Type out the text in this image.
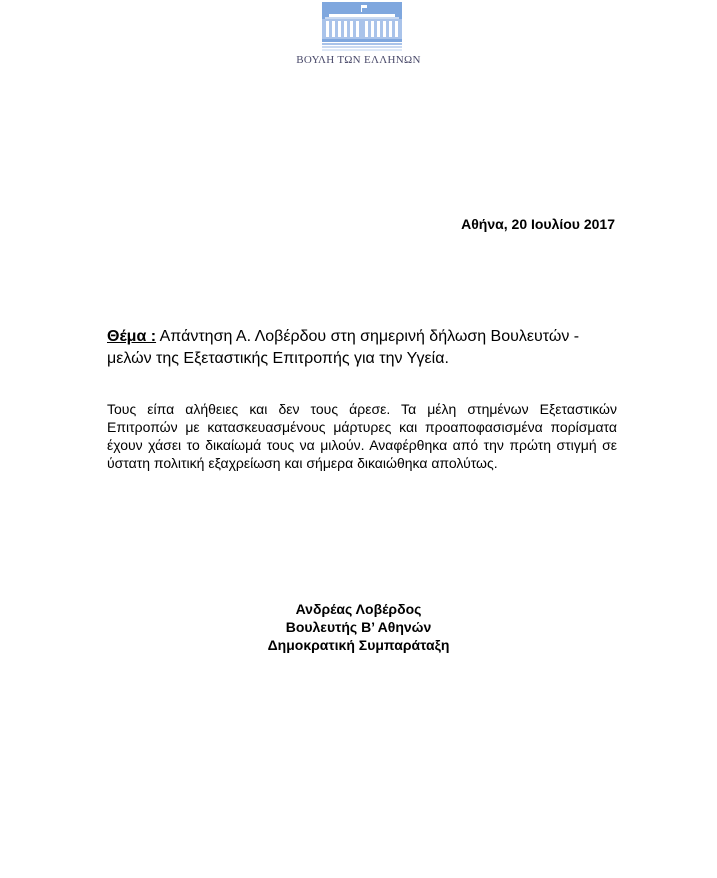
ΒΟΥΛΗ ΤΩΝ ΕΛΛΗΝΩΝ
Αθήνα, 20 Ιουλίου 2017
Θέμα : Απάντηση Α. Λοβέρδου στη σημερινή δήλωση Βουλευτών - μελών της Εξεταστικής Επιτροπής για την Υγεία.
Τους είπα αλήθειες και δεν τους άρεσε. Τα μέλη στημένων Εξεταστικών Επιτροπών με κατασκευασμένους μάρτυρες και προαποφασισμένα πορίσματα έχουν χάσει το δικαίωμά τους να μιλούν. Αναφέρθηκα από την πρώτη στιγμή σε ύστατη πολιτική εξαχρείωση και σήμερα δικαιώθηκα απολύτως.
Ανδρέας Λοβέρδος
Βουλευτής Β’ Αθηνών
Δημοκρατική Συμπαράταξη
